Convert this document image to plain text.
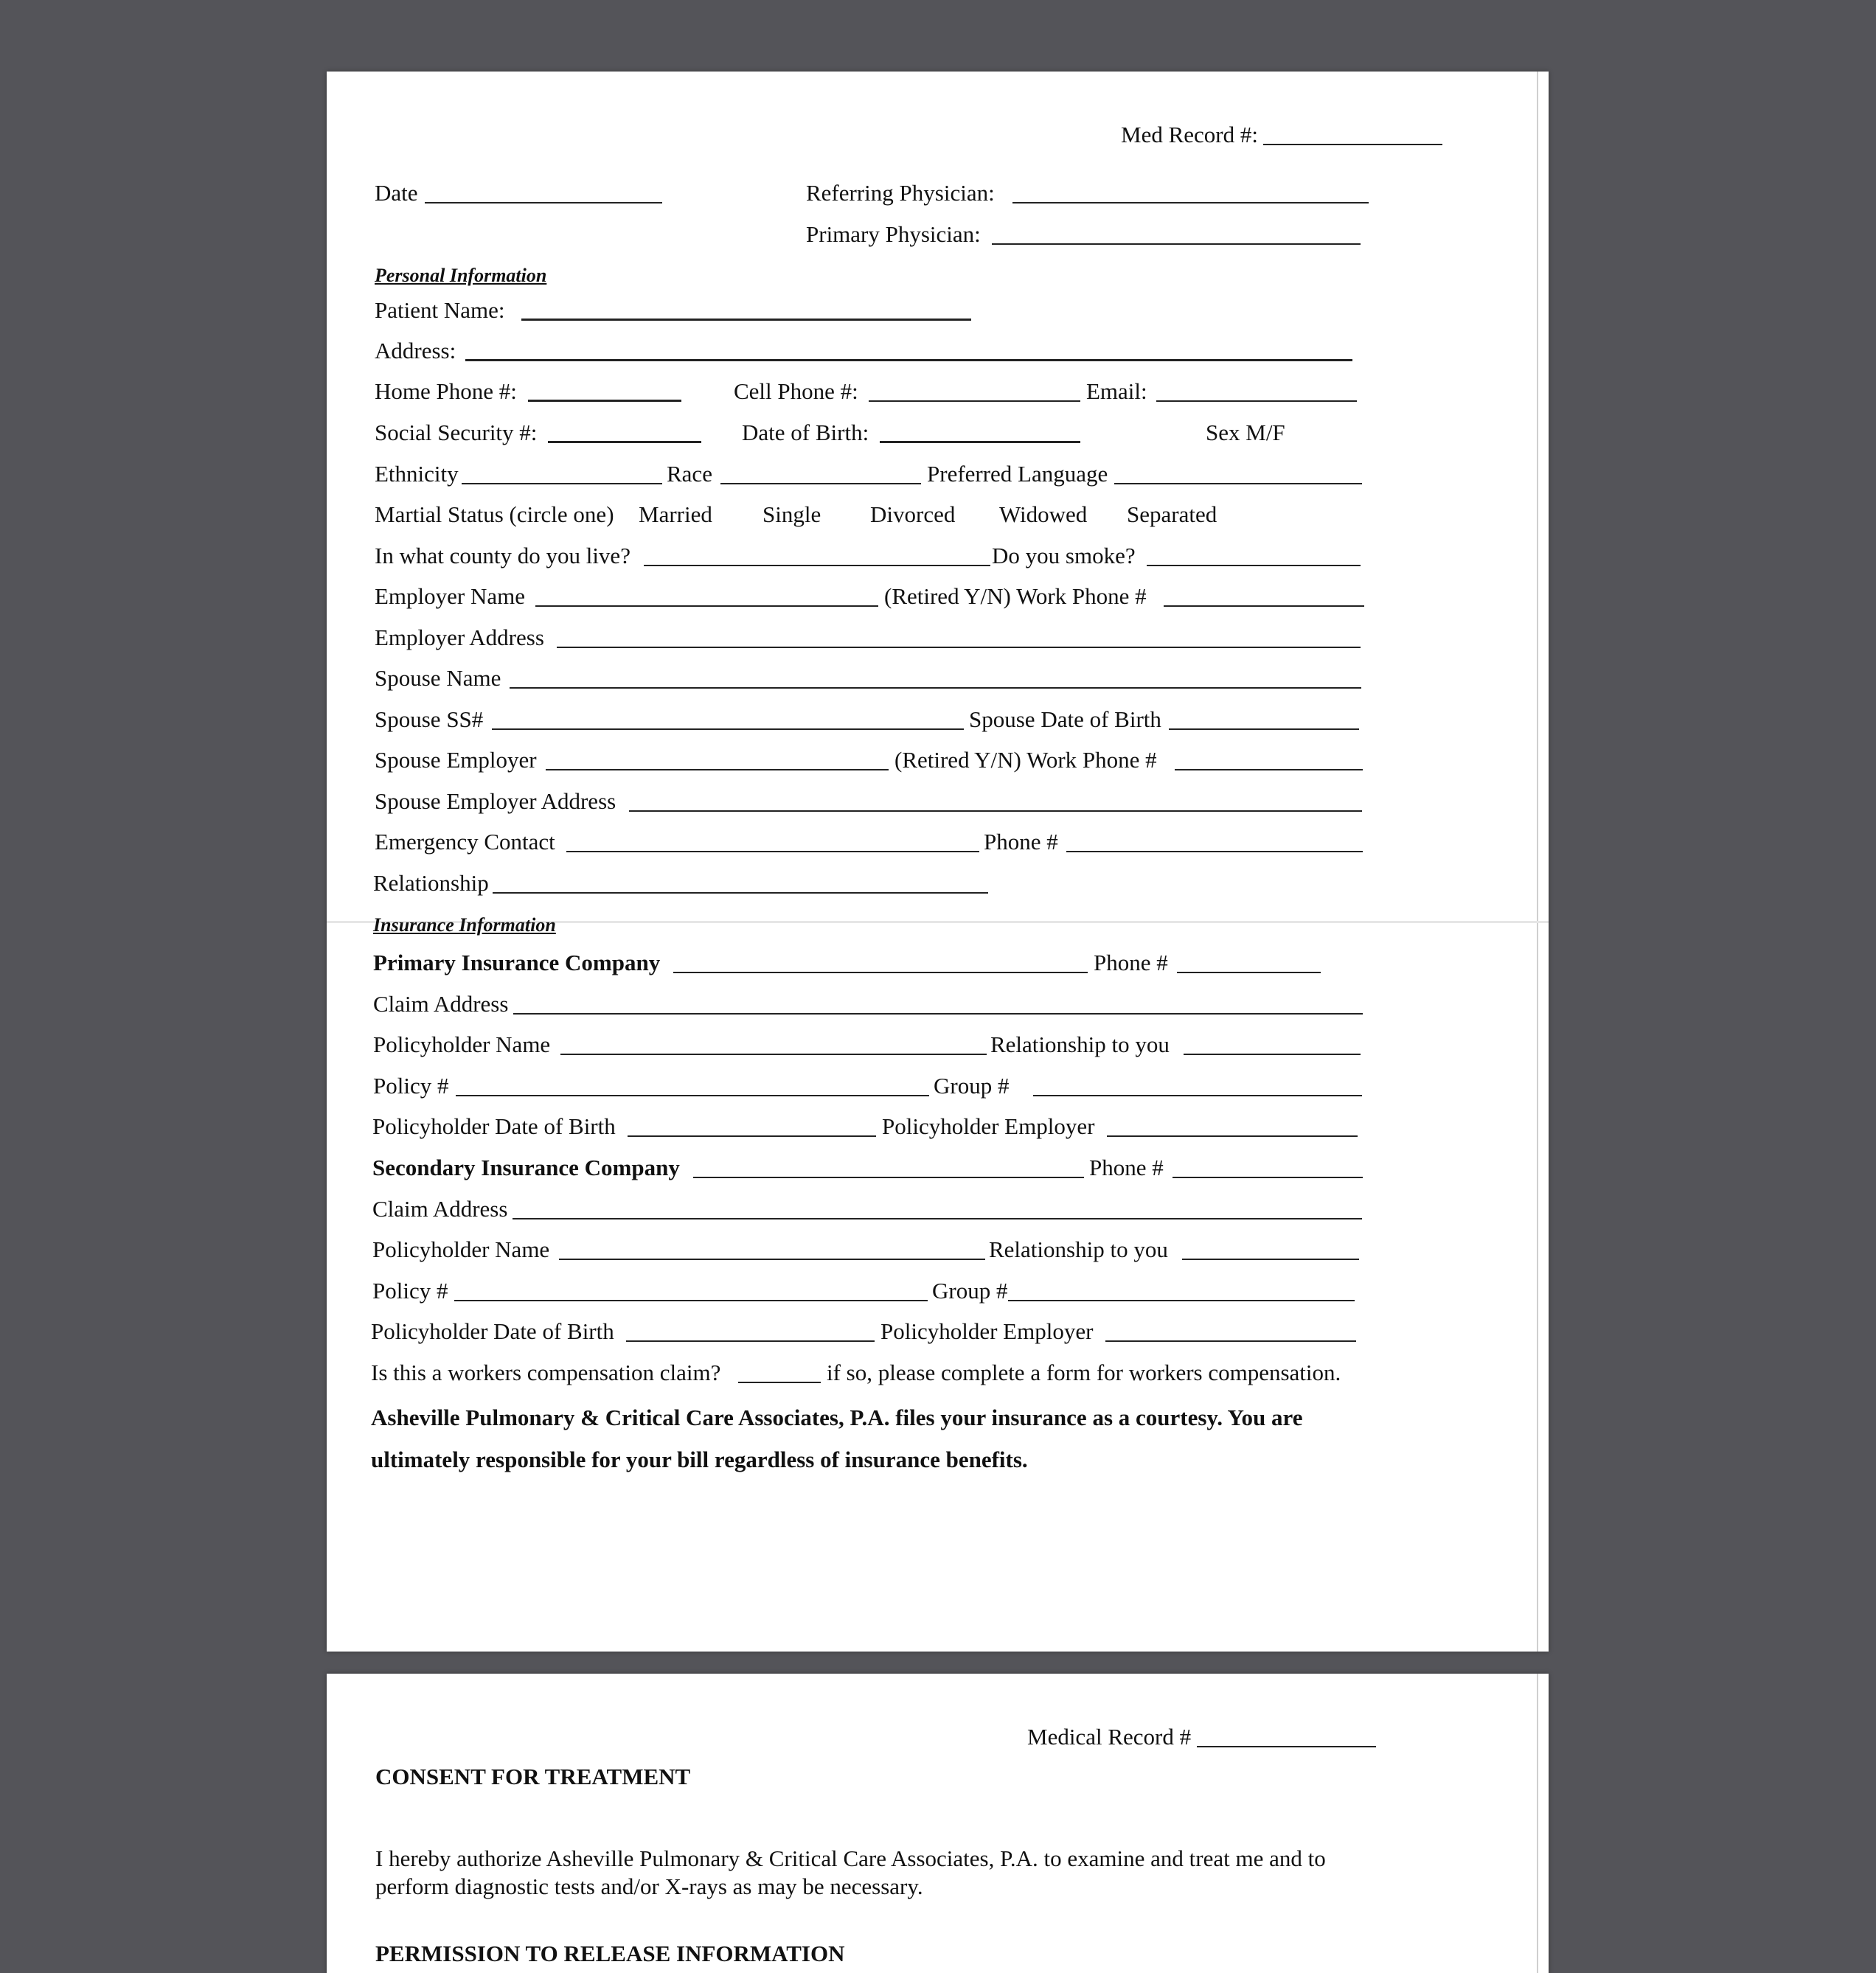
Med Record #:
Date	Referring Physician:
Primary Physician:
Personal Information
Patient Name:
Address:
Home Phone #:	Cell Phone #:	Email:
Social Security #:	Date of Birth:	Sex M/F
Ethnicity	Race	Preferred Language
Martial Status (circle one) Married Single Divorced Widowed Separated
In what county do you live?	Do you smoke?
Employer Name	(Retired Y/N) Work Phone #
Employer Address
Spouse Name
Spouse SS#	Spouse Date of Birth
Spouse Employer	(Retired Y/N) Work Phone #
Spouse Employer Address
Emergency Contact	Phone #
Relationship
Insurance Information
Primary Insurance Company	Phone #
Claim Address
Policyholder Name	Relationship to you
Policy #	Group #
Policyholder Date of Birth	Policyholder Employer
Secondary Insurance Company	Phone #
Claim Address
Policyholder Name	Relationship to you
Policy #	Group #
Policyholder Date of Birth	Policyholder Employer
Is this a workers compensation claim?	if so, please complete a form for workers compensation.
Asheville Pulmonary & Critical Care Associates, P.A. files your insurance as a courtesy. You are
ultimately responsible for your bill regardless of insurance benefits.
Medical Record #
CONSENT FOR TREATMENT
I hereby authorize Asheville Pulmonary & Critical Care Associates, P.A. to examine and treat me and to perform diagnostic tests and/or X-rays as may be necessary.
PERMISSION TO RELEASE INFORMATION
